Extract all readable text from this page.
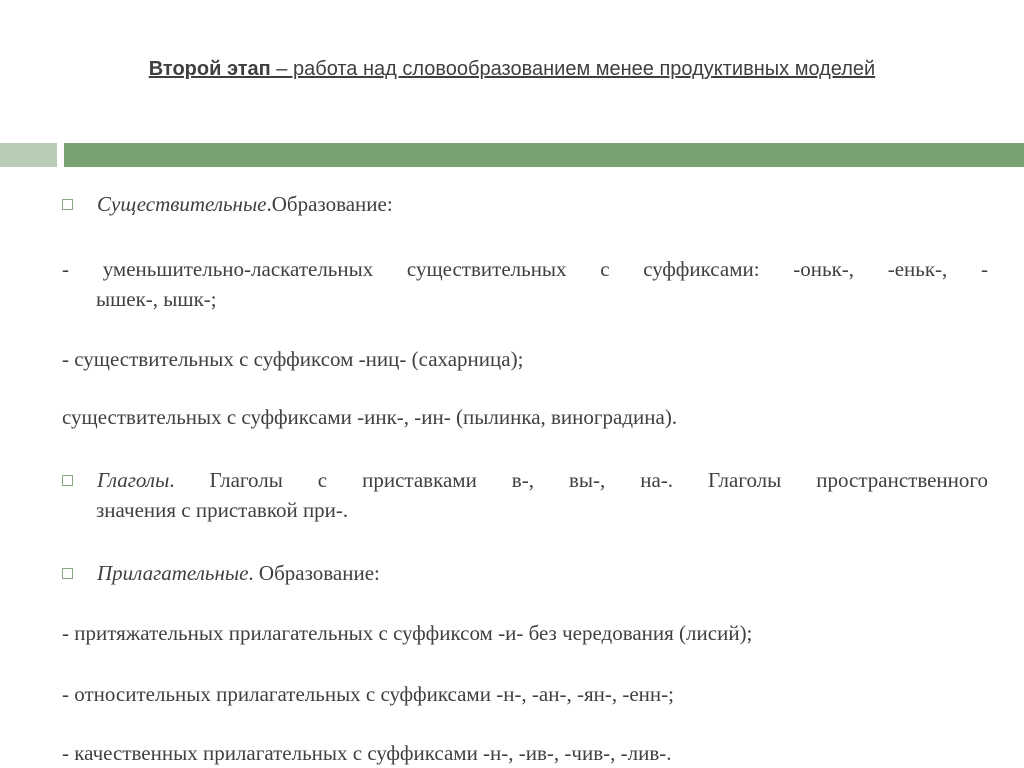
Второй этап – работа над словообразованием менее продуктивных моделей
Существительные.Образование:
- уменьшительно-ласкательных существительных с суффиксами: -оньк-, -еньк-, -
ышек-, ышк-;
- существительных с суффиксом -ниц- (сахарница);
существительных с суффиксами -инк-, -ин- (пылинка, виноградина).
Глаголы. Глаголы с приставками в-, вы-, на-. Глаголы пространственного
значения с приставкой при-.
Прилагательные. Образование:
- притяжательных прилагательных с суффиксом -и- без чередования (лисий);
- относительных прилагательных с суффиксами -н-, -ан-, -ян-, -енн-;
- качественных прилагательных с суффиксами -н-, -ив-, -чив-, -лив-.
